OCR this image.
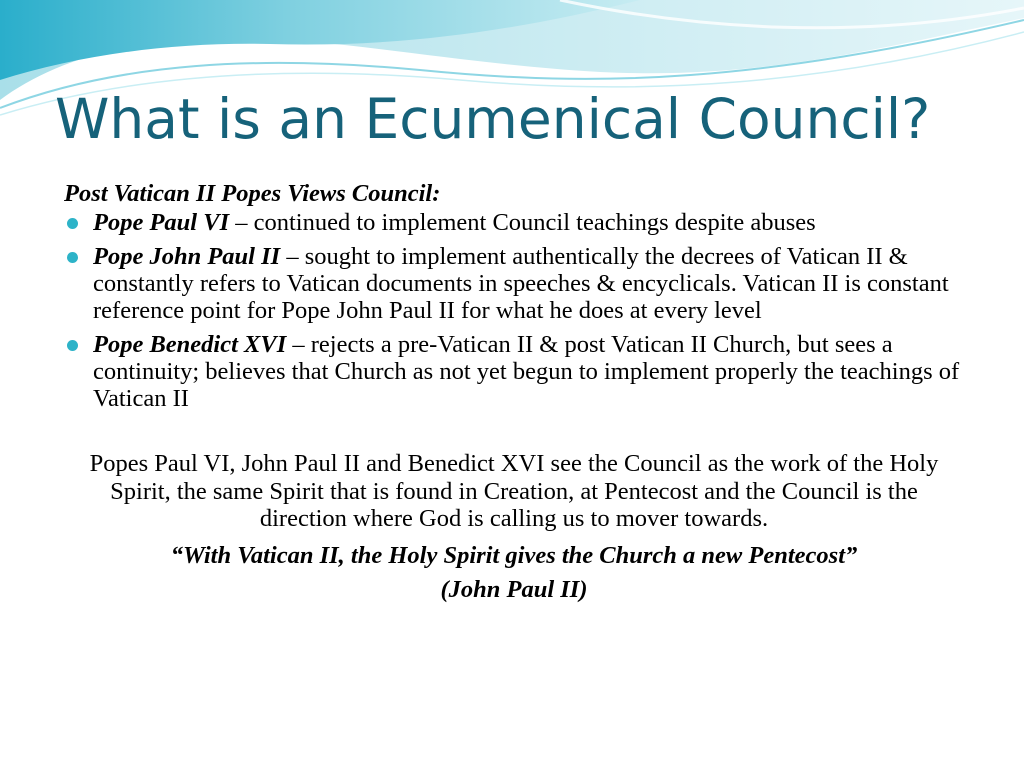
What is an Ecumenical Council?

Post Vatican II Popes Views Council:

Pope Paul VI – continued to implement Council teachings despite abuses
Pope John Paul II – sought to implement authentically the decrees of Vatican II & constantly refers to Vatican documents in speeches & encyclicals. Vatican II is constant reference point for Pope John Paul II for what he does at every level
Pope Benedict XVI – rejects a pre-Vatican II & post Vatican II Church, but sees a continuity; believes that Church as not yet begun to implement properly the teachings of Vatican II

Popes Paul VI, John Paul II and Benedict XVI see the Council as the work of the Holy Spirit, the same Spirit that is found in Creation, at Pentecost and the Council is the direction where God is calling us to mover towards.

“With Vatican II, the Holy Spirit gives the Church a new Pentecost”
(John Paul II)
